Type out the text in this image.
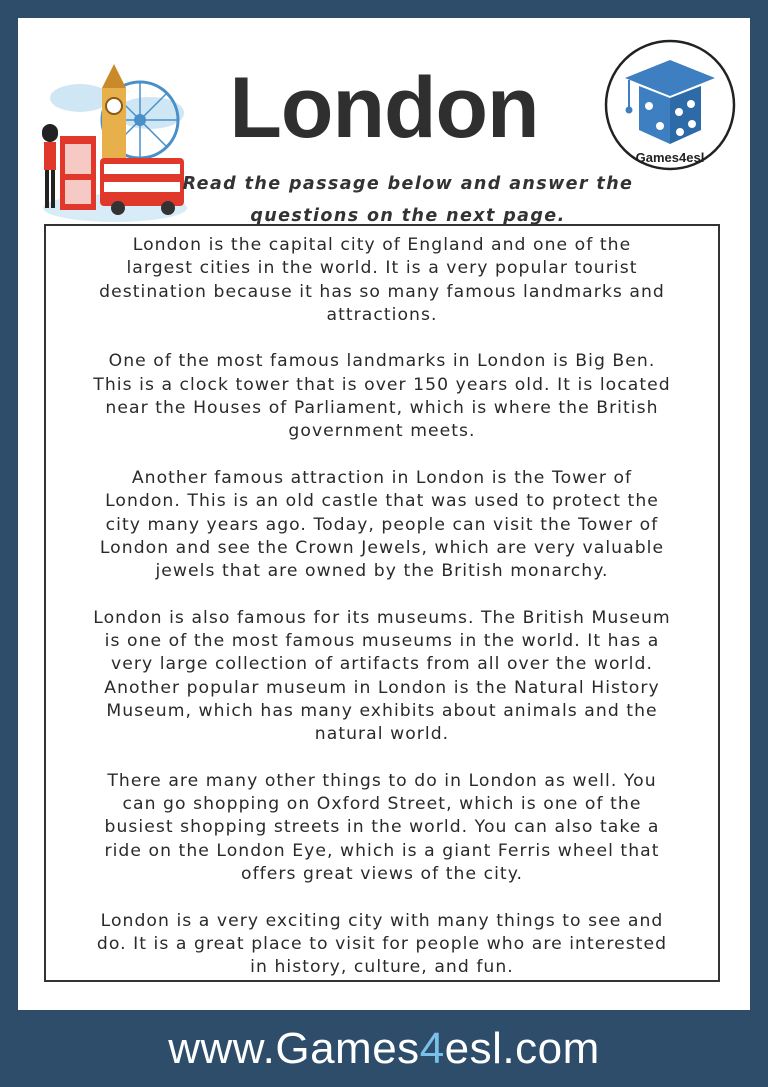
London
Read the passage below and answer the
questions on the next page.
Games4esl

London is the capital city of England and one of the
largest cities in the world. It is a very popular tourist
destination because it has so many famous landmarks and
attractions.

One of the most famous landmarks in London is Big Ben.
This is a clock tower that is over 150 years old. It is located
near the Houses of Parliament, which is where the British
government meets.

Another famous attraction in London is the Tower of
London. This is an old castle that was used to protect the
city many years ago. Today, people can visit the Tower of
London and see the Crown Jewels, which are very valuable
jewels that are owned by the British monarchy.

London is also famous for its museums. The British Museum
is one of the most famous museums in the world. It has a
very large collection of artifacts from all over the world.
Another popular museum in London is the Natural History
Museum, which has many exhibits about animals and the
natural world.

There are many other things to do in London as well. You
can go shopping on Oxford Street, which is one of the
busiest shopping streets in the world. You can also take a
ride on the London Eye, which is a giant Ferris wheel that
offers great views of the city.

London is a very exciting city with many things to see and
do. It is a great place to visit for people who are interested
in history, culture, and fun.

www.Games4esl.com
